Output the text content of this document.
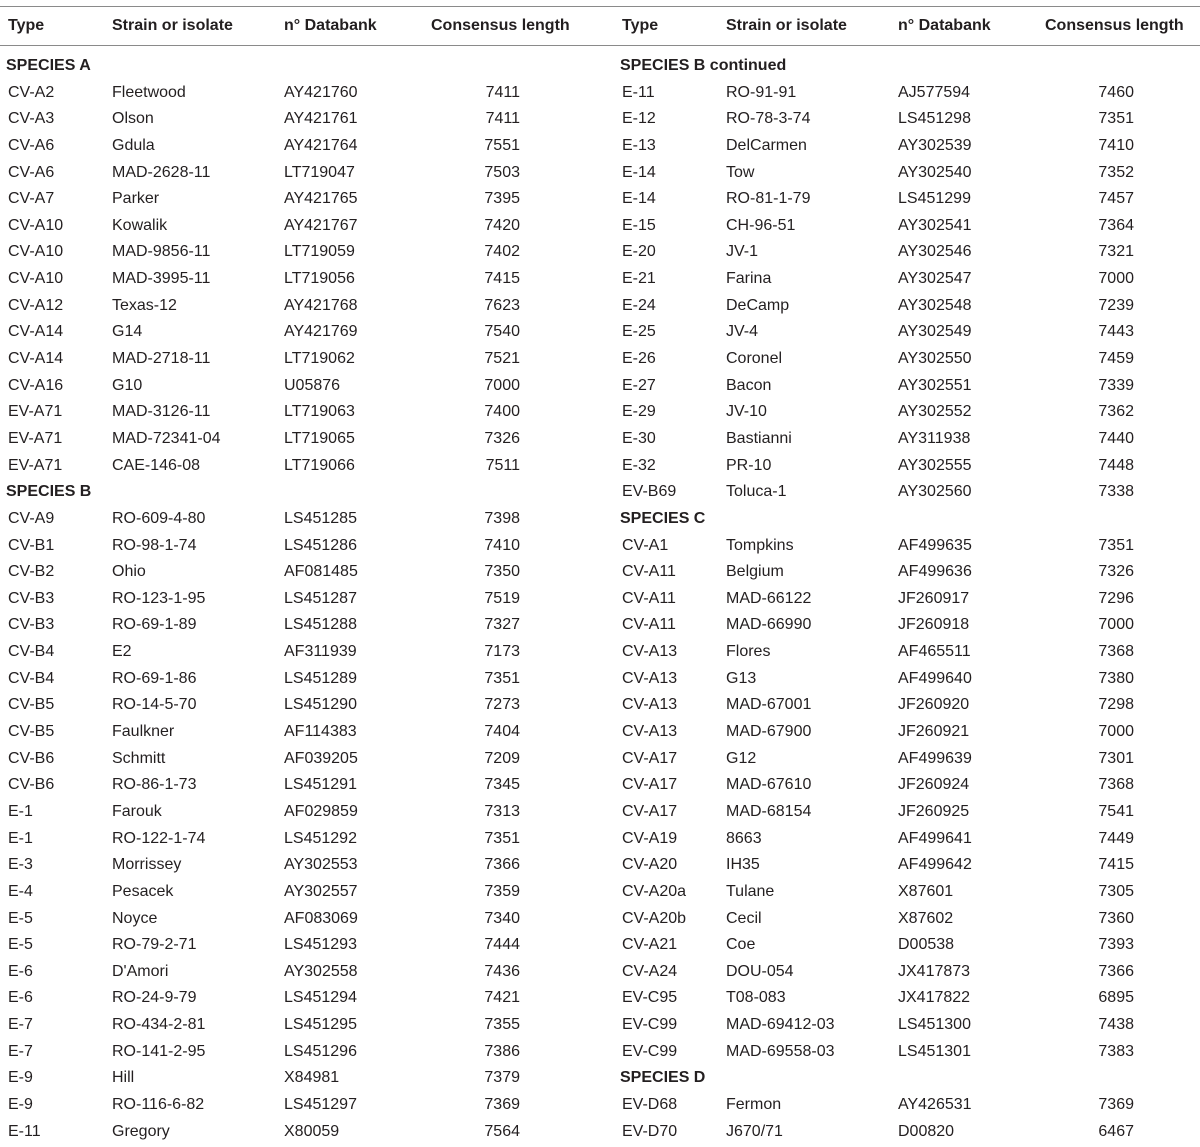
Type	Strain or isolate	n° Databank	Consensus length
SPECIES A
CV-A2	Fleetwood	AY421760	7411
CV-A3	Olson	AY421761	7411
CV-A6	Gdula	AY421764	7551
CV-A6	MAD-2628-11	LT719047	7503
CV-A7	Parker	AY421765	7395
CV-A10	Kowalik	AY421767	7420
CV-A10	MAD-9856-11	LT719059	7402
CV-A10	MAD-3995-11	LT719056	7415
CV-A12	Texas-12	AY421768	7623
CV-A14	G14	AY421769	7540
CV-A14	MAD-2718-11	LT719062	7521
CV-A16	G10	U05876	7000
EV-A71	MAD-3126-11	LT719063	7400
EV-A71	MAD-72341-04	LT719065	7326
EV-A71	CAE-146-08	LT719066	7511
SPECIES B
CV-A9	RO-609-4-80	LS451285	7398
CV-B1	RO-98-1-74	LS451286	7410
CV-B2	Ohio	AF081485	7350
CV-B3	RO-123-1-95	LS451287	7519
CV-B3	RO-69-1-89	LS451288	7327
CV-B4	E2	AF311939	7173
CV-B4	RO-69-1-86	LS451289	7351
CV-B5	RO-14-5-70	LS451290	7273
CV-B5	Faulkner	AF114383	7404
CV-B6	Schmitt	AF039205	7209
CV-B6	RO-86-1-73	LS451291	7345
E-1	Farouk	AF029859	7313
E-1	RO-122-1-74	LS451292	7351
E-3	Morrissey	AY302553	7366
E-4	Pesacek	AY302557	7359
E-5	Noyce	AF083069	7340
E-5	RO-79-2-71	LS451293	7444
E-6	D'Amori	AY302558	7436
E-6	RO-24-9-79	LS451294	7421
E-7	RO-434-2-81	LS451295	7355
E-7	RO-141-2-95	LS451296	7386
E-9	Hill	X84981	7379
E-9	RO-116-6-82	LS451297	7369
E-11	Gregory	X80059	7564
Type	Strain or isolate	n° Databank	Consensus length
SPECIES B continued
E-11	RO-91-91	AJ577594	7460
E-12	RO-78-3-74	LS451298	7351
E-13	DelCarmen	AY302539	7410
E-14	Tow	AY302540	7352
E-14	RO-81-1-79	LS451299	7457
E-15	CH-96-51	AY302541	7364
E-20	JV-1	AY302546	7321
E-21	Farina	AY302547	7000
E-24	DeCamp	AY302548	7239
E-25	JV-4	AY302549	7443
E-26	Coronel	AY302550	7459
E-27	Bacon	AY302551	7339
E-29	JV-10	AY302552	7362
E-30	Bastianni	AY311938	7440
E-32	PR-10	AY302555	7448
EV-B69	Toluca-1	AY302560	7338
SPECIES C
CV-A1	Tompkins	AF499635	7351
CV-A11	Belgium	AF499636	7326
CV-A11	MAD-66122	JF260917	7296
CV-A11	MAD-66990	JF260918	7000
CV-A13	Flores	AF465511	7368
CV-A13	G13	AF499640	7380
CV-A13	MAD-67001	JF260920	7298
CV-A13	MAD-67900	JF260921	7000
CV-A17	G12	AF499639	7301
CV-A17	MAD-67610	JF260924	7368
CV-A17	MAD-68154	JF260925	7541
CV-A19	8663	AF499641	7449
CV-A20	IH35	AF499642	7415
CV-A20a Tulane	X87601	7305
CV-A20b Cecil	X87602	7360
CV-A21	Coe	D00538	7393
CV-A24	DOU-054	JX417873	7366
EV-C95	T08-083	JX417822	6895
EV-C99	MAD-69412-03	LS451300	7438
EV-C99	MAD-69558-03	LS451301	7383
SPECIES D
EV-D68	Fermon	AY426531	7369
EV-D70	J670/71	D00820	6467
